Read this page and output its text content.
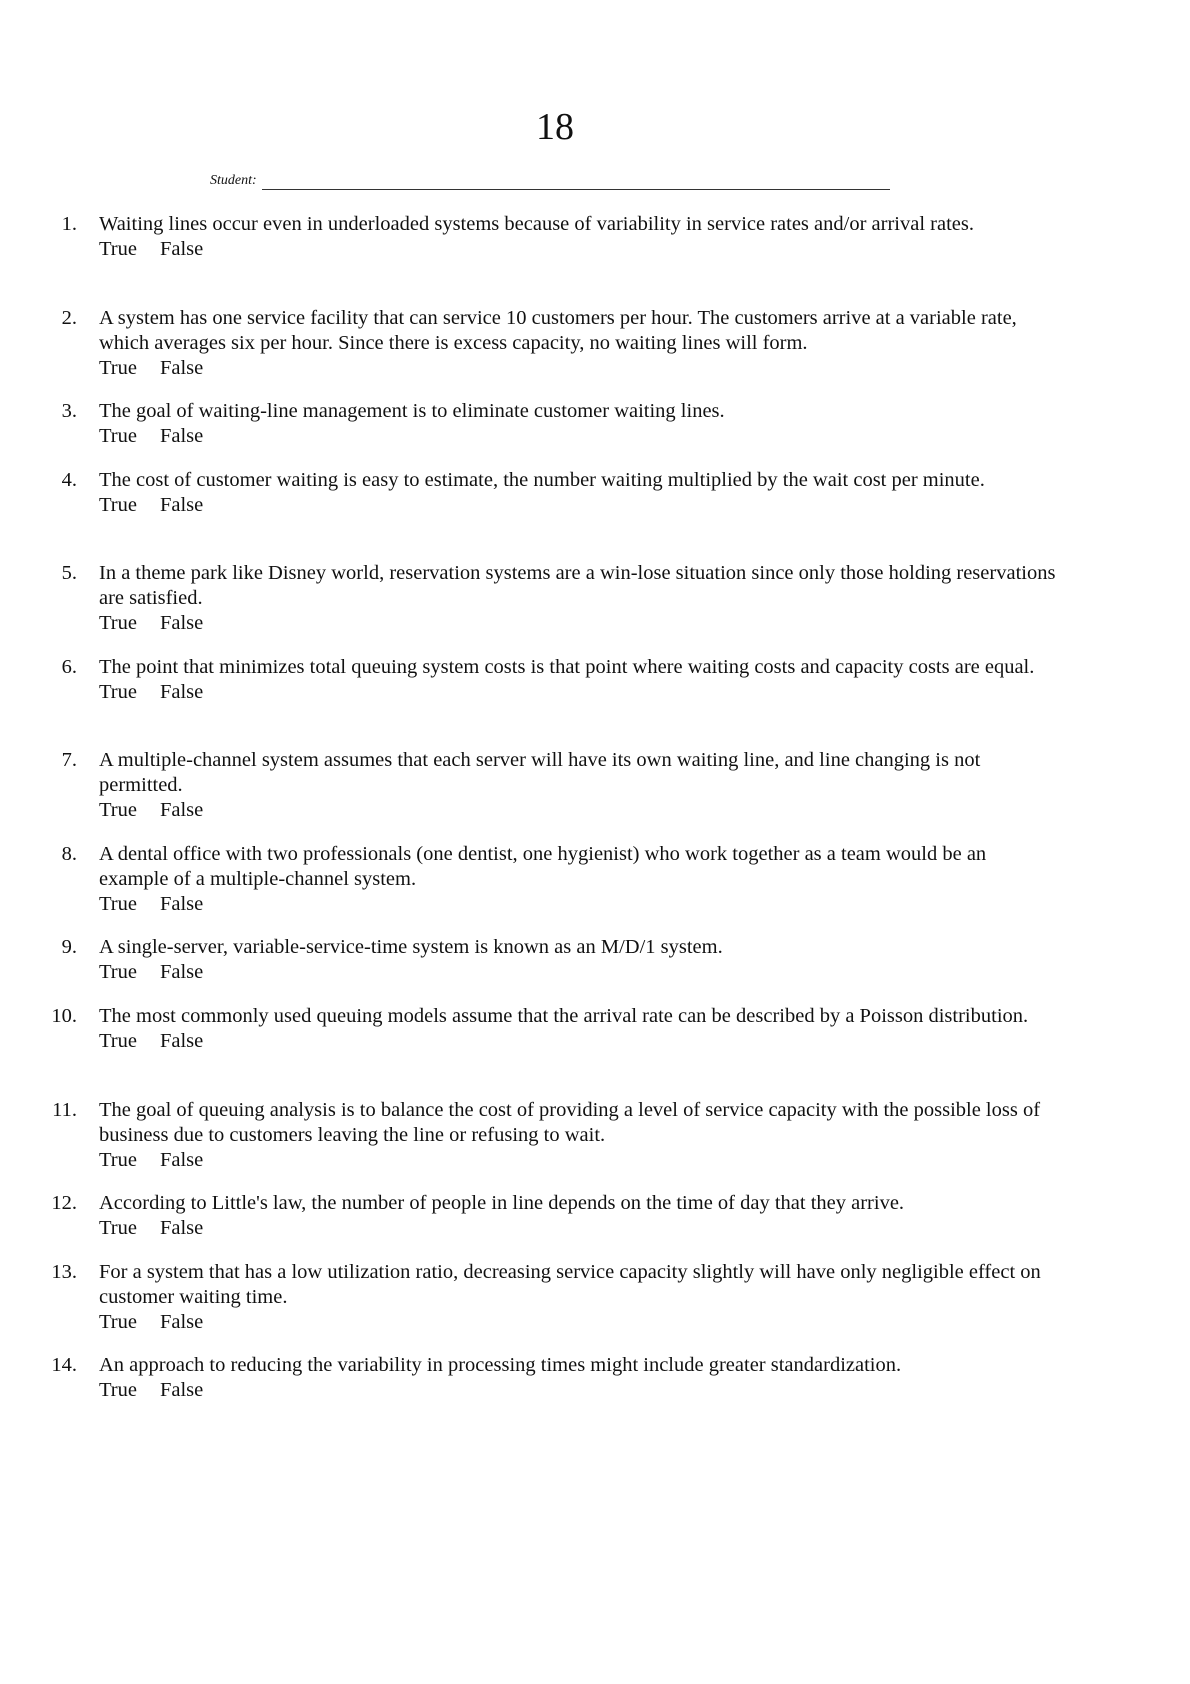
18
Student:
1. Waiting lines occur even in underloaded systems because of variability in service rates and/or arrival rates.
True False
2. A system has one service facility that can service 10 customers per hour. The customers arrive at a variable rate, which averages six per hour. Since there is excess capacity, no waiting lines will form.
True False
3. The goal of waiting-line management is to eliminate customer waiting lines.
True False
4. The cost of customer waiting is easy to estimate, the number waiting multiplied by the wait cost per minute.
True False
5. In a theme park like Disney world, reservation systems are a win-lose situation since only those holding reservations are satisfied.
True False
6. The point that minimizes total queuing system costs is that point where waiting costs and capacity costs are equal.
True False
7. A multiple-channel system assumes that each server will have its own waiting line, and line changing is not permitted.
True False
8. A dental office with two professionals (one dentist, one hygienist) who work together as a team would be an example of a multiple-channel system.
True False
9. A single-server, variable-service-time system is known as an M/D/1 system.
True False
10. The most commonly used queuing models assume that the arrival rate can be described by a Poisson distribution.
True False
11. The goal of queuing analysis is to balance the cost of providing a level of service capacity with the possible loss of business due to customers leaving the line or refusing to wait.
True False
12. According to Little's law, the number of people in line depends on the time of day that they arrive.
True False
13. For a system that has a low utilization ratio, decreasing service capacity slightly will have only negligible effect on customer waiting time.
True False
14. An approach to reducing the variability in processing times might include greater standardization.
True False
